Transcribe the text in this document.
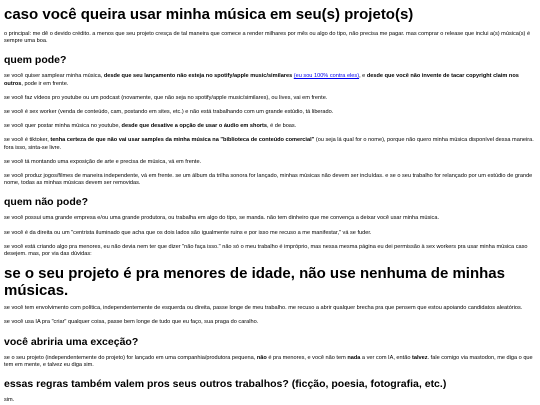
caso você queira usar minha música em seu(s) projeto(s)

o principal: me dê o devido crédito. a menos que seu projeto cresça de tal maneira que comece a render milhares por mês ou algo do tipo, não precisa me pagar. mas comprar o release que inclui a(s) música(s) é sempre uma boa.

quem pode?

se você quiser samplear minha música, desde que seu lançamento não esteja no spotify/apple music/similares (eu sou 100% contra eles), e desde que você não invente de tacar copyright claim nos outros, pode ir em frente.

se você faz vídeos pro youtube ou um podcast (novamente, que não seja no spotify/apple music/similares), ou lives, vai em frente.

se você é sex worker (venda de conteúdo, cam, postando em sites, etc.) e não está trabalhando com um grande estúdio, tá liberado.

se você quer postar minha música no youtube, desde que desative a opção de usar o áudio em shorts, é de boas.

se você é tiktoker, tenha certeza de que não vai usar samples da minha música na "biblioteca de conteúdo comercial" (ou seja lá qual for o nome), porque não quero minha música disponível dessa maneira. fora isso, sinta-se livre.

se você tá montando uma exposição de arte e precisa de música, vá em frente.

se você produz jogos/filmes de maneira independente, vá em frente. se um álbum da trilha sonora for lançado, minhas músicas não devem ser incluídas. e se o seu trabalho for relançado por um estúdio de grande nome, todas as minhas músicas devem ser removidas.

quem não pode?

se você possui uma grande empresa e/ou uma grande produtora, ou trabalha em algo do tipo, se manda. não tem dinheiro que me convença a deixar você usar minha música.

se você é da direita ou um "centrista iluminado que acha que os dois lados são igualmente ruins e por isso me recuso a me manifestar," vá se fuder.

se você está criando algo pra menores, eu não devia nem ter que dizer "não faça isso." não só o meu trabalho é impróprio, mas nessa mesma página eu dei permissão à sex workers pra usar minha música caso desejem. mas, por via das dúvidas:

se o seu projeto é pra menores de idade, não use nenhuma de minhas músicas.

se você tem envolvimento com política, independentemente de esquerda ou direita, passe longe de meu trabalho. me recuso a abrir qualquer brecha pra que pensem que estou apoiando candidatos aleatórios.

se você usa IA pra "criar" qualquer coisa, passe bem longe de tudo que eu faço, sua praga do caralho.

você abriria uma exceção?

se o seu projeto (independentemente do projeto) for lançado em uma companhia/produtora pequena, não é pra menores, e você não tem nada a ver com IA, então talvez. fale comigo via mastodon, me diga o que tem em mente, e talvez eu diga sim.

essas regras também valem pros seus outros trabalhos? (ficção, poesia, fotografia, etc.)

sim.
